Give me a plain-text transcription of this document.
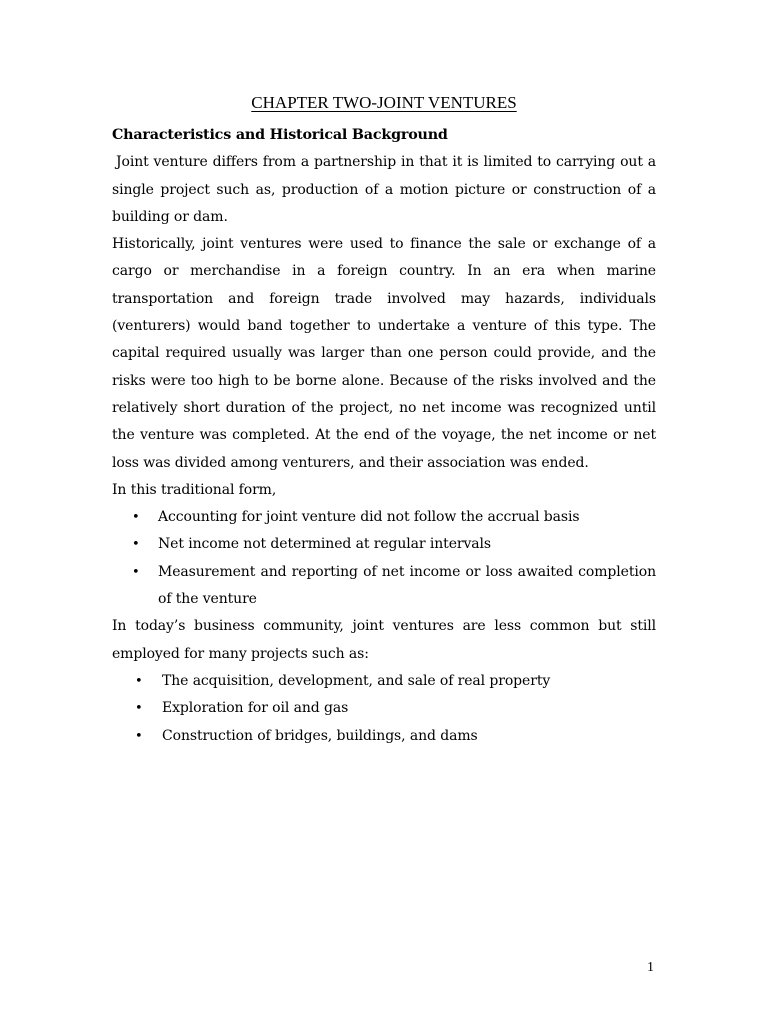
CHAPTER TWO-JOINT VENTURES
Characteristics and Historical Background

Joint venture differs from a partnership in that it is limited to carrying out a single project such as, production of a motion picture or construction of a building or dam.

Historically, joint ventures were used to finance the sale or exchange of a cargo or merchandise in a foreign country. In an era when marine transportation and foreign trade involved may hazards, individuals (venturers) would band together to undertake a venture of this type. The capital required usually was larger than one person could provide, and the risks were too high to be borne alone. Because of the risks involved and the relatively short duration of the project, no net income was recognized until the venture was completed. At the end of the voyage, the net income or net loss was divided among venturers, and their association was ended.

In this traditional form,

• Accounting for joint venture did not follow the accrual basis
• Net income not determined at regular intervals
• Measurement and reporting of net income or loss awaited completion of the venture

In today’s business community, joint ventures are less common but still employed for many projects such as:

• The acquisition, development, and sale of real property
• Exploration for oil and gas
• Construction of bridges, buildings, and dams
1
